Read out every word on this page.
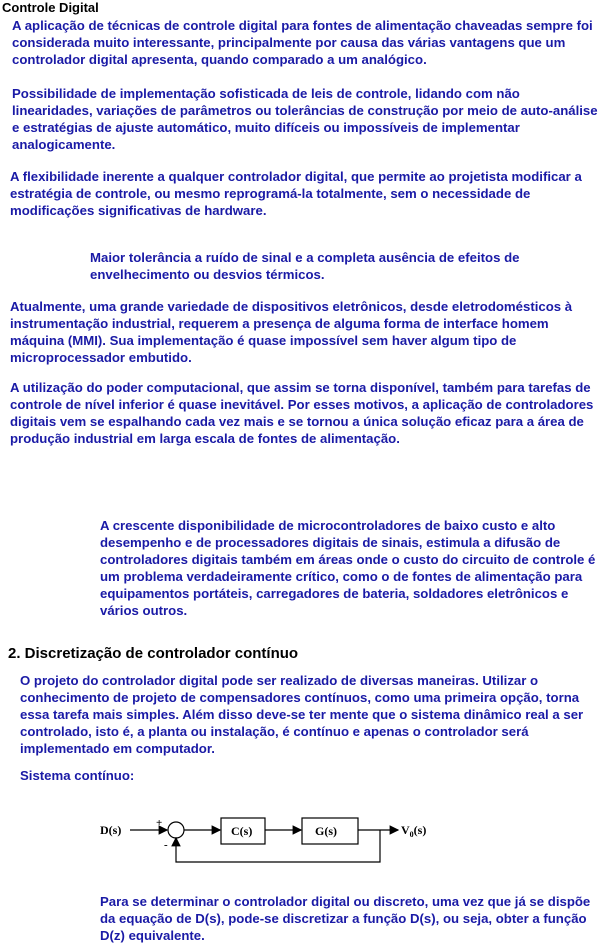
Controle Digital

A aplicação de técnicas de controle digital para fontes de alimentação chaveadas sempre foi considerada muito interessante, principalmente por causa das várias vantagens que um controlador digital apresenta, quando comparado a um analógico.

Possibilidade de implementação sofisticada de leis de controle, lidando com não linearidades, variações de parâmetros ou tolerâncias de construção por meio de auto-análise e estratégias de ajuste automático, muito difíceis ou impossíveis de implementar analogicamente.

A flexibilidade inerente a qualquer controlador digital, que permite ao projetista modificar a estratégia de controle, ou mesmo reprogramá-la totalmente, sem o necessidade de modificações significativas de hardware.

Maior tolerância a ruído de sinal e a completa ausência de efeitos de envelhecimento ou desvios térmicos.

Atualmente, uma grande variedade de dispositivos eletrônicos, desde eletrodomésticos à instrumentação industrial, requerem a presença de alguma forma de interface homem máquina (MMI). Sua implementação é quase impossível sem haver algum tipo de microprocessador embutido.

A utilização do poder computacional, que assim se torna disponível, também para tarefas de controle de nível inferior é quase inevitável. Por esses motivos, a aplicação de controladores digitais vem se espalhando cada vez mais e se tornou a única solução eficaz para a área de produção industrial em larga escala de fontes de alimentação.

A crescente disponibilidade de microcontroladores de baixo custo e alto desempenho e de processadores digitais de sinais, estimula a difusão de controladores digitais também em áreas onde o custo do circuito de controle é um problema verdadeiramente crítico, como o de fontes de alimentação para equipamentos portáteis, carregadores de bateria, soldadores eletrônicos e vários outros.

2. Discretização de controlador contínuo

O projeto do controlador digital pode ser realizado de diversas maneiras. Utilizar o conhecimento de projeto de compensadores contínuos, como uma primeira opção, torna essa tarefa mais simples. Além disso deve-se ter mente que o sistema dinâmico real a ser controlado, isto é, a planta ou instalação, é contínuo e apenas o controlador será implementado em computador.

Sistema contínuo:

D(s)	+
-
C(s)	G(s)	$V_0(s)$

Para se determinar o controlador digital ou discreto, uma vez que já se dispõe da equação de D(s), pode-se discretizar a função D(s), ou seja, obter a função D(z) equivalente.
